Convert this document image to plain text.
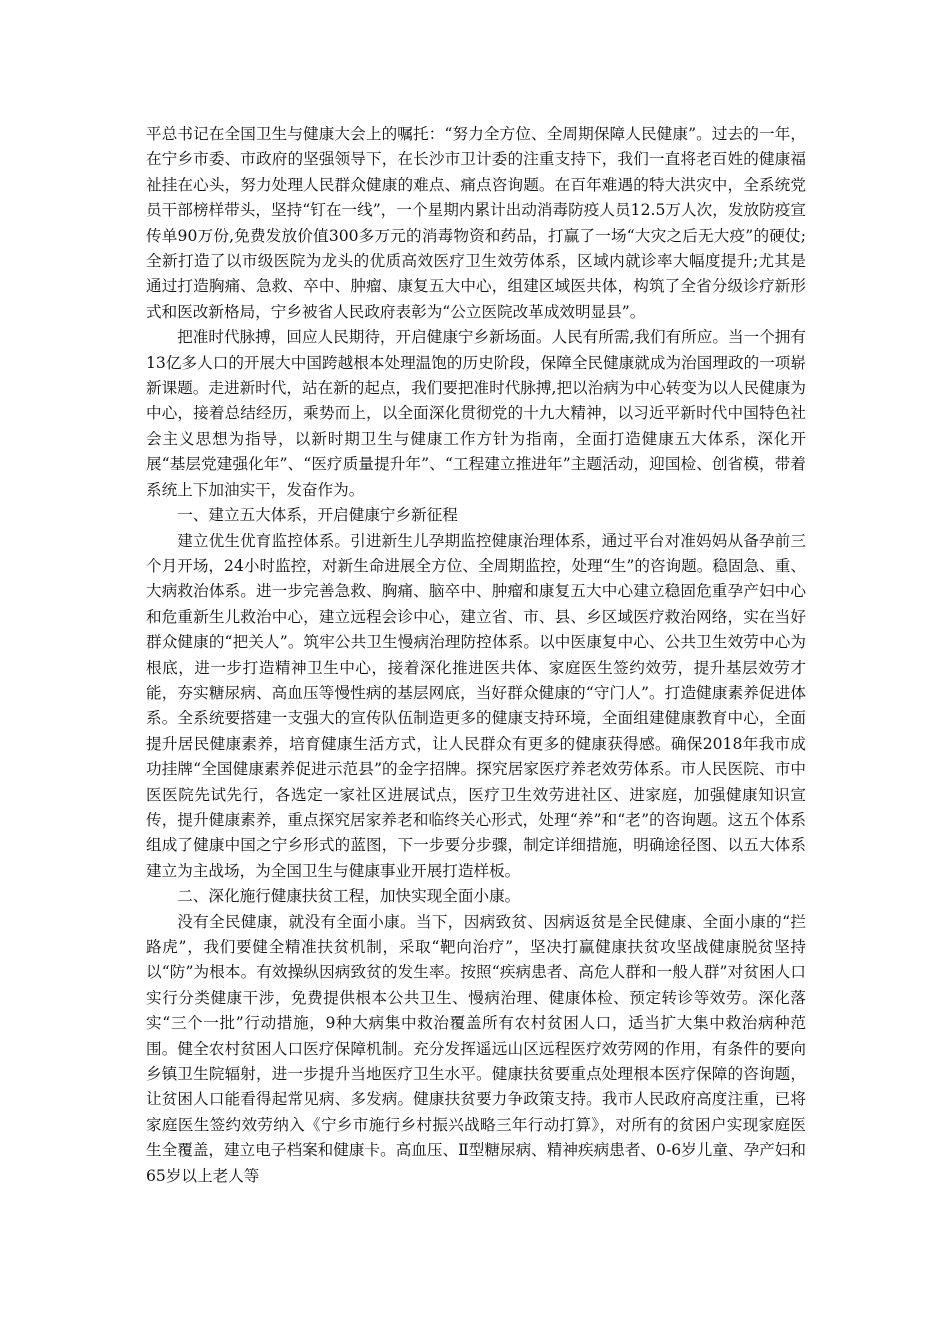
平总书记在全国卫生与健康大会上的嘱托：“努力全方位、全周期保障人民健康”。过去的一年，在宁乡市委、市政府的坚强领导下，在长沙市卫计委的注重支持下，我们一直将老百姓的健康福祉挂在心头，努力处理人民群众健康的难点、痛点咨询题。在百年难遇的特大洪灾中，全系统党员干部榜样带头，坚持“钉在一线”，一个星期内累计出动消毒防疫人员12.5万人次，发放防疫宣传单90万份,免费发放价值300多万元的消毒物资和药品，打赢了一场“大灾之后无大疫”的硬仗;全新打造了以市级医院为龙头的优质高效医疗卫生效劳体系，区域内就诊率大幅度提升;尤其是通过打造胸痛、急救、卒中、肿瘤、康复五大中心，组建区域医共体，构筑了全省分级诊疗新形式和医改新格局，宁乡被省人民政府表彰为“公立医院改革成效明显县”。

把准时代脉搏，回应人民期待，开启健康宁乡新场面。人民有所需,我们有所应。当一个拥有13亿多人口的开展大中国跨越根本处理温饱的历史阶段，保障全民健康就成为治国理政的一项崭新课题。走进新时代，站在新的起点，我们要把准时代脉搏,把以治病为中心转变为以人民健康为中心，接着总结经历，乘势而上，以全面深化贯彻党的十九大精神，以习近平新时代中国特色社会主义思想为指导，以新时期卫生与健康工作方针为指南，全面打造健康五大体系，深化开展“基层党建强化年”、“医疗质量提升年”、“工程建立推进年”主题活动，迎国检、创省模，带着系统上下加油实干，发奋作为。

一、建立五大体系，开启健康宁乡新征程

建立优生优育监控体系。引进新生儿孕期监控健康治理体系，通过平台对准妈妈从备孕前三个月开场，24小时监控，对新生命进展全方位、全周期监控，处理“生”的咨询题。稳固急、重、大病救治体系。进一步完善急救、胸痛、脑卒中、肿瘤和康复五大中心建立稳固危重孕产妇中心和危重新生儿救治中心，建立远程会诊中心，建立省、市、县、乡区域医疗救治网络，实在当好群众健康的“把关人”。筑牢公共卫生慢病治理防控体系。以中医康复中心、公共卫生效劳中心为根底，进一步打造精神卫生中心，接着深化推进医共体、家庭医生签约效劳，提升基层效劳才能，夯实糖尿病、高血压等慢性病的基层网底，当好群众健康的“守门人”。打造健康素养促进体系。全系统要搭建一支强大的宣传队伍制造更多的健康支持环境，全面组建健康教育中心，全面提升居民健康素养，培育健康生活方式，让人民群众有更多的健康获得感。确保2018年我市成功挂牌“全国健康素养促进示范县”的金字招牌。探究居家医疗养老效劳体系。市人民医院、市中医医院先试先行，各选定一家社区进展试点，医疗卫生效劳进社区、进家庭，加强健康知识宣传，提升健康素养，重点探究居家养老和临终关心形式，处理“养”和“老”的咨询题。这五个体系组成了健康中国之宁乡形式的蓝图，下一步要分步骤，制定详细措施，明确途径图、以五大体系建立为主战场，为全国卫生与健康事业开展打造样板。

二、深化施行健康扶贫工程，加快实现全面小康。

没有全民健康，就没有全面小康。当下，因病致贫、因病返贫是全民健康、全面小康的“拦路虎”，我们要健全精准扶贫机制，采取“靶向治疗”，坚决打赢健康扶贫攻坚战健康脱贫坚持以“防”为根本。有效操纵因病致贫的发生率。按照“疾病患者、高危人群和一般人群”对贫困人口实行分类健康干涉，免费提供根本公共卫生、慢病治理、健康体检、预定转诊等效劳。深化落实“三个一批”行动措施，9种大病集中救治覆盖所有农村贫困人口，适当扩大集中救治病种范围。健全农村贫困人口医疗保障机制。充分发挥遥远山区远程医疗效劳网的作用，有条件的要向乡镇卫生院辐射，进一步提升当地医疗卫生水平。健康扶贫要重点处理根本医疗保障的咨询题，让贫困人口能看得起常见病、多发病。健康扶贫要力争政策支持。我市人民政府高度注重，已将家庭医生签约效劳纳入《宁乡市施行乡村振兴战略三年行动打算》，对所有的贫困户实现家庭医生全覆盖，建立电子档案和健康卡。高血压、Ⅱ型糖尿病、精神疾病患者、0-6岁儿童、孕产妇和65岁以上老人等
